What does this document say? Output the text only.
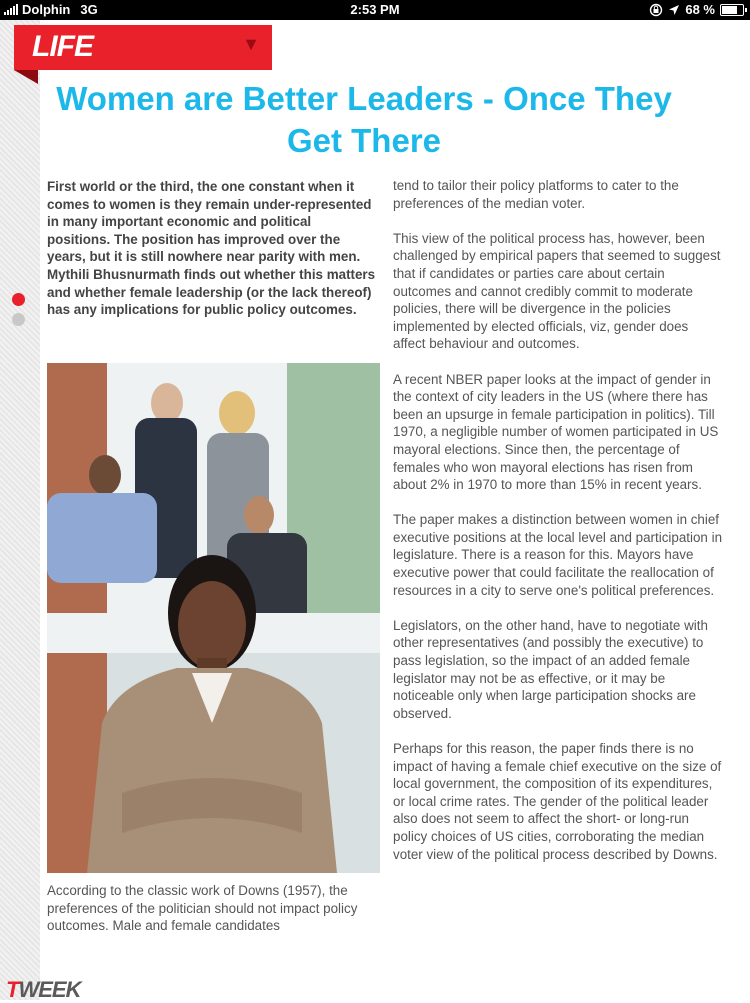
Dolphin 3G	2:53 PM	68 %
LIFE	▼
Women are Better Leaders - Once They Get There
First world or the third, the one constant when it comes to women is they remain under-represented in many important economic and political positions. The position has improved over the years, but it is still nowhere near parity with men. Mythili Bhusnurmath finds out whether this matters and whether female leadership (or the lack thereof) has any implications for public policy outcomes.
According to the classic work of Downs (1957), the preferences of the politician should not impact policy outcomes. Male and female candidates

tend to tailor their policy platforms to cater to the preferences of the median voter.

This view of the political process has, however, been challenged by empirical papers that seemed to suggest that if candidates or parties care about certain outcomes and cannot credibly commit to moderate policies, there will be divergence in the policies implemented by elected officials, viz, gender does affect behaviour and outcomes.

A recent NBER paper looks at the impact of gender in the context of city leaders in the US (where there has been an upsurge in female participation in politics). Till 1970, a negligible number of women participated in US mayoral elections. Since then, the percentage of females who won mayoral elections has risen from about 2% in 1970 to more than 15% in recent years.

The paper makes a distinction between women in chief executive positions at the local level and participation in legislature. There is a reason for this. Mayors have executive power that could facilitate the reallocation of resources in a city to serve one's political preferences.

Legislators, on the other hand, have to negotiate with other representatives (and possibly the executive) to pass legislation, so the impact of an added female legislator may not be as effective, or it may be noticeable only when large participation shocks are observed.

Perhaps for this reason, the paper finds there is no impact of having a female chief executive on the size of local government, the composition of its expenditures, or local crime rates. The gender of the political leader also does not seem to affect the short- or long-run policy choices of US cities, corroborating the median voter view of the political process described by Downs.

TWEEK
